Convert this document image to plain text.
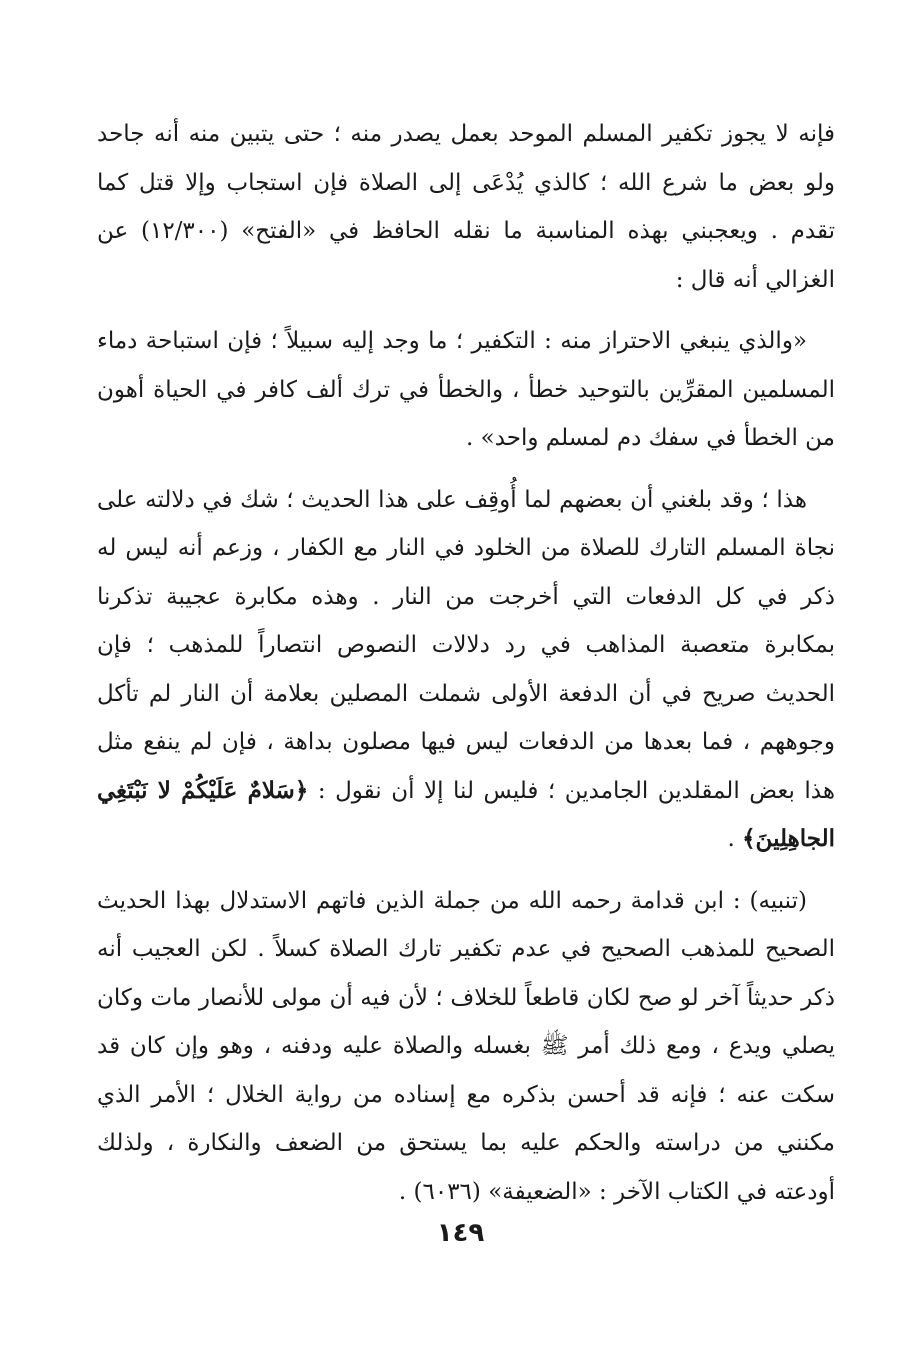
فإنه لا يجوز تكفير المسلم الموحد بعمل يصدر منه ؛ حتى يتبين منه أنه جاحد ولو بعض ما شرع الله ؛ كالذي يُدْعَى إلى الصلاة فإن استجاب وإلا قتل كما تقدم . ويعجبني بهذه المناسبة ما نقله الحافظ في «الفتح» (١٢/٣٠٠) عن الغزالي أنه قال :

«والذي ينبغي الاحتراز منه : التكفير ؛ ما وجد إليه سبيلاً ؛ فإن استباحة دماء المسلمين المقرِّين بالتوحيد خطأ ، والخطأ في ترك ألف كافر في الحياة أهون من الخطأ في سفك دم لمسلم واحد» .

هذا ؛ وقد بلغني أن بعضهم لما أُوقِف على هذا الحديث ؛ شك في دلالته على نجاة المسلم التارك للصلاة من الخلود في النار مع الكفار ، وزعم أنه ليس له ذكر في كل الدفعات التي أخرجت من النار . وهذه مكابرة عجيبة تذكرنا بمكابرة متعصبة المذاهب في رد دلالات النصوص انتصاراً للمذهب ؛ فإن الحديث صريح في أن الدفعة الأولى شملت المصلين بعلامة أن النار لم تأكل وجوههم ، فما بعدها من الدفعات ليس فيها مصلون بداهة ، فإن لم ينفع مثل هذا بعض المقلدين الجامدين ؛ فليس لنا إلا أن نقول : ﴿سَلامٌ عَلَيْكُمْ لا نَبْتَغِي الجاهِلِينَ﴾ .

(تنبيه) : ابن قدامة رحمه الله من جملة الذين فاتهم الاستدلال بهذا الحديث الصحيح للمذهب الصحيح في عدم تكفير تارك الصلاة كسلاً . لكن العجيب أنه ذكر حديثاً آخر لو صح لكان قاطعاً للخلاف ؛ لأن فيه أن مولى للأنصار مات وكان يصلي ويدع ، ومع ذلك أمر ﷺ بغسله والصلاة عليه ودفنه ، وهو وإن كان قد سكت عنه ؛ فإنه قد أحسن بذكره مع إسناده من رواية الخلال ؛ الأمر الذي مكنني من دراسته والحكم عليه بما يستحق من الضعف والنكارة ، ولذلك أودعته في الكتاب الآخر : «الضعيفة» (٦٠٣٦) .

١٤٩
